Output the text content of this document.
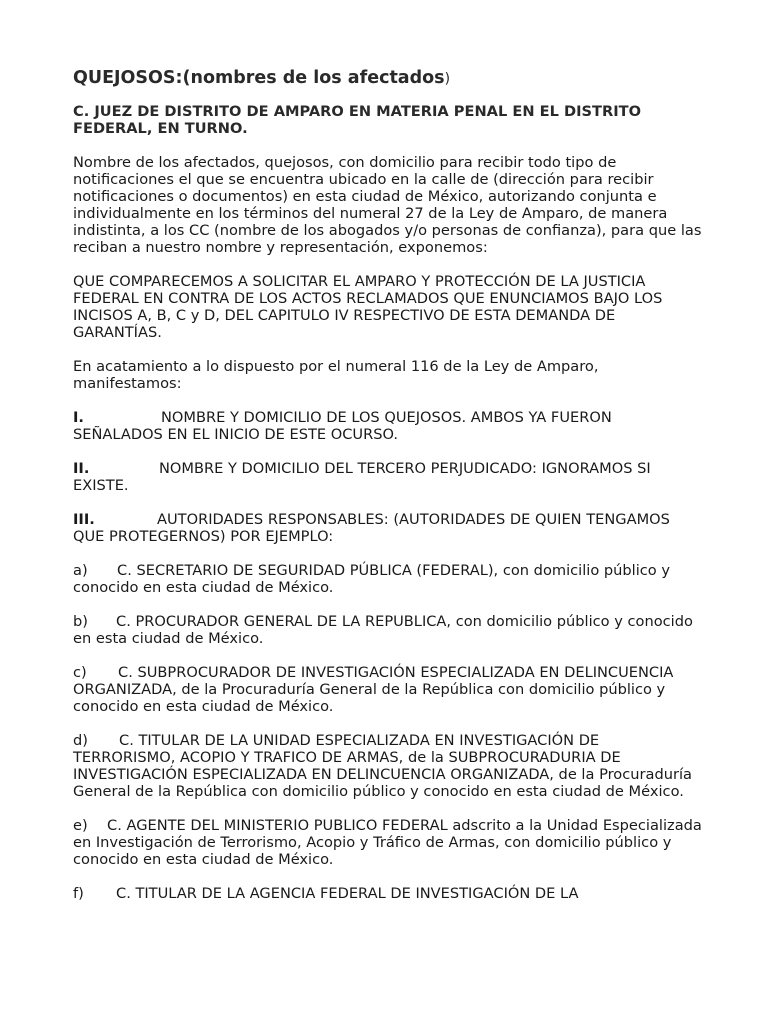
QUEJOSOS:(nombres de los afectados)
C. JUEZ DE DISTRITO DE AMPARO EN MATERIA PENAL EN EL DISTRITO FEDERAL, EN TURNO.

Nombre de los afectados, quejosos, con domicilio para recibir todo tipo de notificaciones el que se encuentra ubicado en la calle de (dirección para recibir notificaciones o documentos) en esta ciudad de México, autorizando conjunta e individualmente en los términos del numeral 27 de la Ley de Amparo, de manera indistinta, a los CC (nombre de los abogados y/o personas de confianza), para que las reciban a nuestro nombre y representación, exponemos:

QUE COMPARECEMOS A SOLICITAR EL AMPARO Y PROTECCIÓN DE LA JUSTICIA FEDERAL EN CONTRA DE LOS ACTOS RECLAMADOS QUE ENUNCIAMOS BAJO LOS INCISOS A, B, C y D, DEL CAPITULO IV RESPECTIVO DE ESTA DEMANDA DE GARANTÍAS.

En acatamiento a lo dispuesto por el numeral 116 de la Ley de Amparo, manifestamos:

I.	NOMBRE Y DOMICILIO DE LOS QUEJOSOS. AMBOS YA FUERON SEÑALADOS EN EL INICIO DE ESTE OCURSO.

II.	NOMBRE Y DOMICILIO DEL TERCERO PERJUDICADO: IGNORAMOS SI EXISTE.

III.	AUTORIDADES RESPONSABLES: (AUTORIDADES DE QUIEN TENGAMOS QUE PROTEGERNOS) POR EJEMPLO:

a) C. SECRETARIO DE SEGURIDAD PÚBLICA (FEDERAL), con domicilio público y conocido en esta ciudad de México.

b) C. PROCURADOR GENERAL DE LA REPUBLICA, con domicilio público y conocido en esta ciudad de México.

c) C. SUBPROCURADOR DE INVESTIGACIÓN ESPECIALIZADA EN DELINCUENCIA ORGANIZADA, de la Procuraduría General de la República con domicilio público y conocido en esta ciudad de México.

d) C. TITULAR DE LA UNIDAD ESPECIALIZADA EN INVESTIGACIÓN DE TERRORISMO, ACOPIO Y TRAFICO DE ARMAS, de la SUBPROCURADURIA DE INVESTIGACIÓN ESPECIALIZADA EN DELINCUENCIA ORGANIZADA, de la Procuraduría General de la República con domicilio público y conocido en esta ciudad de México.

e) C. AGENTE DEL MINISTERIO PUBLICO FEDERAL adscrito a la Unidad Especializada en Investigación de Terrorismo, Acopio y Tráfico de Armas, con domicilio público y conocido en esta ciudad de México.

f) C. TITULAR DE LA AGENCIA FEDERAL DE INVESTIGACIÓN DE LA
